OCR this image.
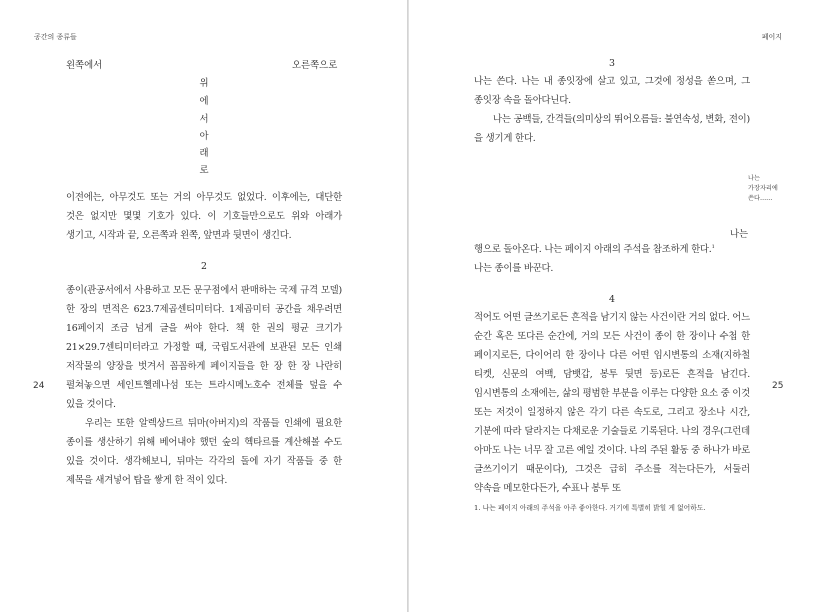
공간의 종류들
왼쪽에서	오른쪽으로
위
에
서
아
래
로

이전에는, 아무것도 또는 거의 아무것도 없었다. 이후에는, 대단한 것은 없지만 몇몇 기호가 있다. 이 기호들만으로도 위와 아래가 생기고, 시작과 끝, 오른쪽과 왼쪽, 앞면과 뒷면이 생긴다.

2

종이(관공서에서 사용하고 모든 문구점에서 판매하는 국제 규격 모델) 한 장의 면적은 623.7제곱센티미터다. 1제곱미터 공간을 채우려면 16페이지 조금 넘게 글을 써야 한다. 책 한 권의 평균 크기가 21×29.7센티미터라고 가정할 때, 국립도서관에 보관된 모든 인쇄 저작물의 양장을 벗겨서 꼼꼼하게 페이지들을 한 장 한 장 나란히 펼쳐놓으면 세인트헬레나섬 또는 트라시메노호수 전체를 덮을 수 있을 것이다.

우리는 또한 알렉상드르 뒤마(아버지)의 작품들 인쇄에 필요한 종이를 생산하기 위해 베어내야 했던 숲의 헥타르를 계산해볼 수도 있을 것이다. 생각해보니, 뒤마는 각각의 돌에 자기 작품들 중 한 제목을 새겨넣어 탑을 쌓게 한 적이 있다.

24
페이지
3

나는 쓴다. 나는 내 종잇장에 살고 있고, 그것에 정성을 쏟으며, 그 종잇장 속을 돌아다닌다.

나는 공백들, 간격들(의미상의 뛰어오름들: 불연속성, 변화, 전이)을 생기게 한다.

나는
가장자리에
쓴다……
나는

행으로 돌아온다. 나는 페이지 아래의 주석을 참조하게 한다.$^1$

나는 종이를 바꾼다.

4

적어도 어떤 글쓰기로든 흔적을 남기지 않는 사건이란 거의 없다. 어느 순간 혹은 또다른 순간에, 거의 모든 사건이 종이 한 장이나 수첩 한 페이지로든, 다이어리 한 장이나 다른 어떤 임시변통의 소재(지하철 티켓, 신문의 여백, 담뱃갑, 봉투 뒷면 등)로든 흔적을 남긴다. 임시변통의 소재에는, 삶의 평범한 부분을 이루는 다양한 요소 중 이것 또는 저것이 일정하지 않은 각기 다른 속도로, 그리고 장소나 시간, 기분에 따라 달라지는 다채로운 기술들로 기록된다. 나의 경우(그런데 아마도 나는 너무 잘 고른 예일 것이다. 나의 주된 활동 중 하나가 바로 글쓰기이기 때문이다), 그것은 급히 주소를 적는다든가, 서둘러 약속을 메모한다든가, 수표나 봉투 또

1. 나는 페이지 아래의 주석을 아주 좋아한다. 거기에 특별히 밝힐 게 없어하도.
25
